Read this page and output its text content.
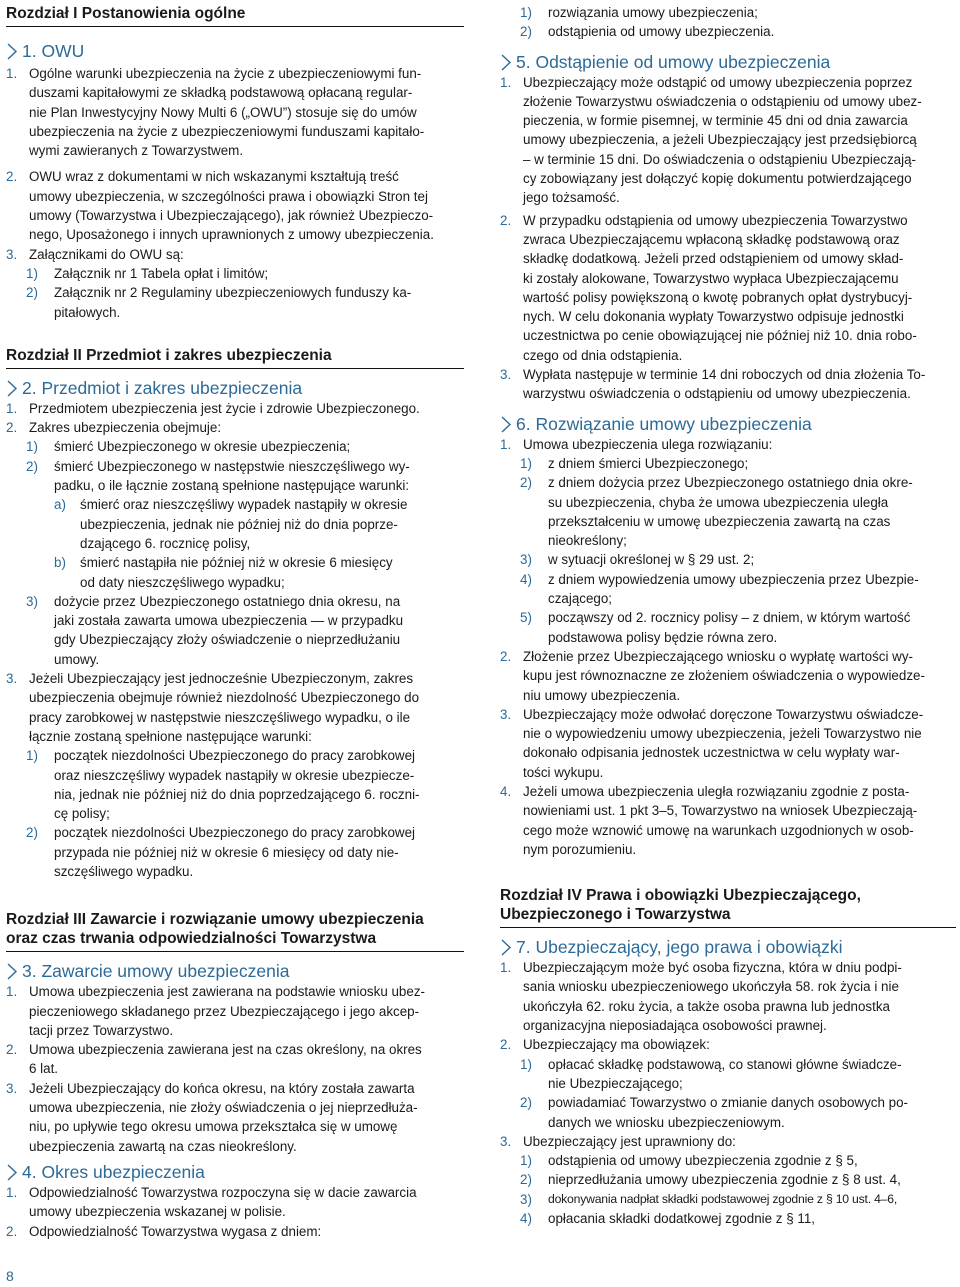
Rozdział I Postanowienia ogólne
1. OWU
1. Ogólne warunki ubezpieczenia na życie z ubezpieczeniowymi fun-
duszami kapitałowymi ze składką podstawową opłacaną regular-
nie Plan Inwestycyjny Nowy Multi 6 („OWU”) stosuje się do umów
ubezpieczenia na życie z ubezpieczeniowymi funduszami kapitało-
wymi zawieranych z Towarzystwem.
2. OWU wraz z dokumentami w nich wskazanymi kształtują treść
umowy ubezpieczenia, w szczególności prawa i obowiązki Stron tej
umowy (Towarzystwa i Ubezpieczającego), jak również Ubezpieczo-
nego, Uposażonego i innych uprawnionych z umowy ubezpieczenia.
3. Załącznikami do OWU są:
1)	Załącznik nr 1 Tabela opłat i limitów;
2)	Załącznik nr 2 Regulaminy ubezpieczeniowych funduszy ka-
pitałowych.
Rozdział II Przedmiot i zakres ubezpieczenia
2. Przedmiot i zakres ubezpieczenia
1. Przedmiotem ubezpieczenia jest życie i zdrowie Ubezpieczonego.
2. Zakres ubezpieczenia obejmuje:
1)	śmierć Ubezpieczonego w okresie ubezpieczenia;
2)	śmierć Ubezpieczonego w następstwie nieszczęśliwego wy-
padku, o ile łącznie zostaną spełnione następujące warunki:
a)	śmierć oraz nieszczęśliwy wypadek nastąpiły w okresie
ubezpieczenia, jednak nie później niż do dnia poprze-
dzającego 6. rocznicę polisy,
b)	śmierć nastąpiła nie później niż w okresie 6 miesięcy
od daty nieszczęśliwego wypadku;
3)	dożycie przez Ubezpieczonego ostatniego dnia okresu, na
jaki została zawarta umowa ubezpieczenia — w przypadku
gdy Ubezpieczający złoży oświadczenie o nieprzedłużaniu
umowy.
3. Jeżeli Ubezpieczający jest jednocześnie Ubezpieczonym, zakres
ubezpieczenia obejmuje również niezdolność Ubezpieczonego do
pracy zarobkowej w następstwie nieszczęśliwego wypadku, o ile
łącznie zostaną spełnione następujące warunki:
1)	początek niezdolności Ubezpieczonego do pracy zarobkowej
oraz nieszczęśliwy wypadek nastąpiły w okresie ubezpiecze-
nia, jednak nie później niż do dnia poprzedzającego 6. roczni-
cę polisy;
2)	początek niezdolności Ubezpieczonego do pracy zarobkowej
przypada nie później niż w okresie 6 miesięcy od daty nie-
szczęśliwego wypadku.
Rozdział III Zawarcie i rozwiązanie umowy ubezpieczenia
oraz czas trwania odpowiedzialności Towarzystwa
3. Zawarcie umowy ubezpieczenia
1. Umowa ubezpieczenia jest zawierana na podstawie wniosku ubez-
pieczeniowego składanego przez Ubezpieczającego i jego akcep-
tacji przez Towarzystwo.
2. Umowa ubezpieczenia zawierana jest na czas określony, na okres
6 lat.
3. Jeżeli Ubezpieczający do końca okresu, na który została zawarta
umowa ubezpieczenia, nie złoży oświadczenia o jej nieprzedłuża-
niu, po upływie tego okresu umowa przekształca się w umowę
ubezpieczenia zawartą na czas nieokreślony.
4. Okres ubezpieczenia
1. Odpowiedzialność Towarzystwa rozpoczyna się w dacie zawarcia
umowy ubezpieczenia wskazanej w polisie.
2. Odpowiedzialność Towarzystwa wygasa z dniem:
1)	rozwiązania umowy ubezpieczenia;
2)	odstąpienia od umowy ubezpieczenia.
5. Odstąpienie od umowy ubezpieczenia
1. Ubezpieczający może odstąpić od umowy ubezpieczenia poprzez
złożenie Towarzystwu oświadczenia o odstąpieniu od umowy ubez-
pieczenia, w formie pisemnej, w terminie 45 dni od dnia zawarcia
umowy ubezpieczenia, a jeżeli Ubezpieczający jest przedsiębiorcą
– w terminie 15 dni. Do oświadczenia o odstąpieniu Ubezpieczają-
cy zobowiązany jest dołączyć kopię dokumentu potwierdzającego
jego tożsamość.
2. W przypadku odstąpienia od umowy ubezpieczenia Towarzystwo
zwraca Ubezpieczającemu wpłaconą składkę podstawową oraz
składkę dodatkową. Jeżeli przed odstąpieniem od umowy skład-
ki zostały alokowane, Towarzystwo wypłaca Ubezpieczającemu
wartość polisy powiększoną o kwotę pobranych opłat dystrybucyj-
nych. W celu dokonania wypłaty Towarzystwo odpisuje jednostki
uczestnictwa po cenie obowiązującej nie później niż 10. dnia robo-
czego od dnia odstąpienia.
3. Wypłata następuje w terminie 14 dni roboczych od dnia złożenia To-
warzystwu oświadczenia o odstąpieniu od umowy ubezpieczenia.
6. Rozwiązanie umowy ubezpieczenia
1. Umowa ubezpieczenia ulega rozwiązaniu:
1)	z dniem śmierci Ubezpieczonego;
2)	z dniem dożycia przez Ubezpieczonego ostatniego dnia okre-
su ubezpieczenia, chyba że umowa ubezpieczenia uległa
przekształceniu w umowę ubezpieczenia zawartą na czas
nieokreślony;
3)	w sytuacji określonej w § 29 ust. 2;
4)	z dniem wypowiedzenia umowy ubezpieczenia przez Ubezpie-
czającego;
5)	począwszy od 2. rocznicy polisy – z dniem, w którym wartość
podstawowa polisy będzie równa zero.
2. Złożenie przez Ubezpieczającego wniosku o wypłatę wartości wy-
kupu jest równoznaczne ze złożeniem oświadczenia o wypowiedze-
niu umowy ubezpieczenia.
3. Ubezpieczający może odwołać doręczone Towarzystwu oświadcze-
nie o wypowiedzeniu umowy ubezpieczenia, jeżeli Towarzystwo nie
dokonało odpisania jednostek uczestnictwa w celu wypłaty war-
tości wykupu.
4. Jeżeli umowa ubezpieczenia uległa rozwiązaniu zgodnie z posta-
nowieniami ust. 1 pkt 3–5, Towarzystwo na wniosek Ubezpieczają-
cego może wznowić umowę na warunkach uzgodnionych w osob-
nym porozumieniu.
Rozdział IV Prawa i obowiązki Ubezpieczającego,
Ubezpieczonego i Towarzystwa
7. Ubezpieczający, jego prawa i obowiązki
1. Ubezpieczającym może być osoba fizyczna, która w dniu podpi-
sania wniosku ubezpieczeniowego ukończyła 58. rok życia i nie
ukończyła 62. roku życia, a także osoba prawna lub jednostka
organizacyjna nieposiadająca osobowości prawnej.
2. Ubezpieczający ma obowiązek:
1)	opłacać składkę podstawową, co stanowi główne świadcze-
nie Ubezpieczającego;
2)	powiadamiać Towarzystwo o zmianie danych osobowych po-
danych we wniosku ubezpieczeniowym.
3. Ubezpieczający jest uprawniony do:
1)	odstąpienia od umowy ubezpieczenia zgodnie z § 5,
2)	nieprzedłużania umowy ubezpieczenia zgodnie z § 8 ust. 4,
3)	dokonywania nadpłat składki podstawowej zgodnie z § 10 ust. 4–6,
4)	opłacania składki dodatkowej zgodnie z § 11,
8
